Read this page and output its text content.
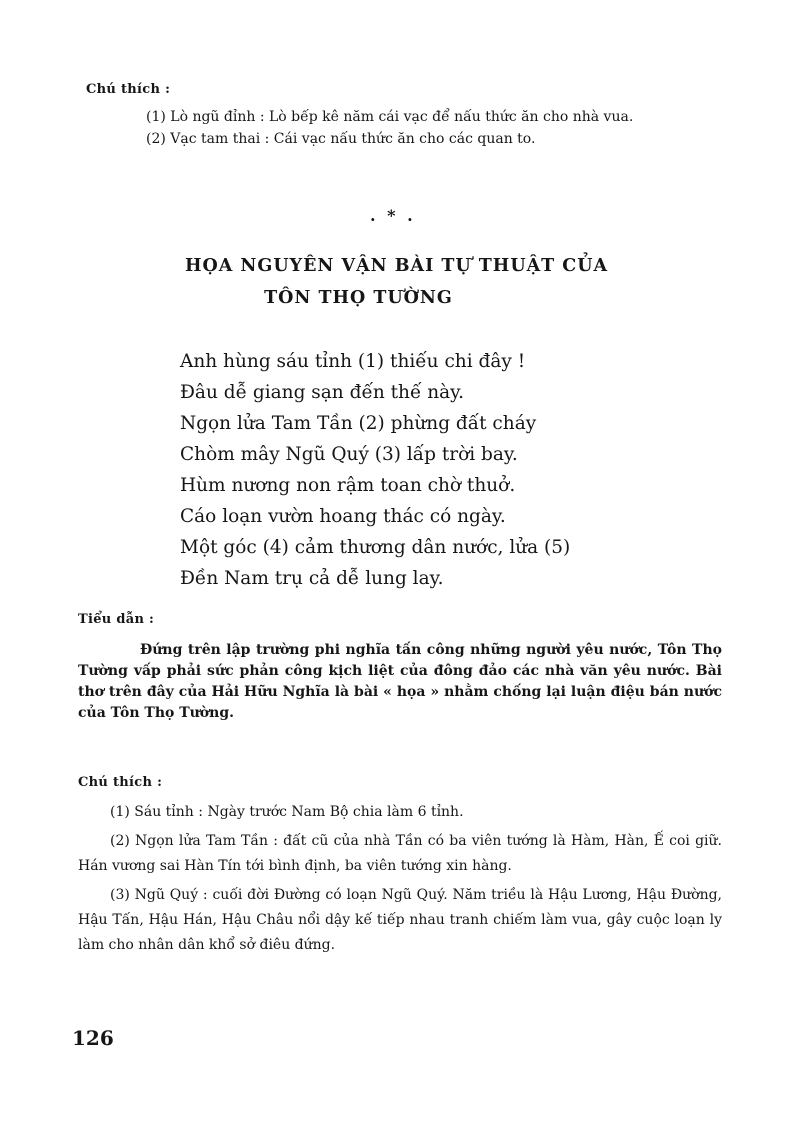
Chú thích :

(1) Lò ngũ đỉnh : Lò bếp kê năm cái vạc để nấu thức ăn cho nhà vua.

(2) Vạc tam thai : Cái vạc nấu thức ăn cho các quan to.

. * .
HỌA NGUYÊN VẬN BÀI TỰ THUẬT CỦA
TÔN THỌ TƯỜNG
Anh hùng sáu tỉnh (1) thiếu chi đây !
Đâu dễ giang sạn đến thế này.
Ngọn lửa Tam Tần (2) phừng đất cháy
Chòm mây Ngũ Quý (3) lấp trời bay.
Hùm nương non rậm toan chờ thuở.
Cáo loạn vườn hoang thác có ngày.
Một góc (4) cảm thương dân nước, lửa (5)
Đền Nam trụ cả dễ lung lay.
Tiểu dẫn :

Đứng trên lập trường phi nghĩa tấn công những người yêu nước, Tôn Thọ Tường vấp phải sức phản công kịch liệt của đông đảo các nhà văn yêu nước. Bài thơ trên đây của Hải Hữu Nghĩa là bài « họa » nhằm chống lại luận điệu bán nước của Tôn Thọ Tường.

Chú thích :

(1) Sáu tỉnh : Ngày trước Nam Bộ chia làm 6 tỉnh.

(2) Ngọn lửa Tam Tần : đất cũ của nhà Tần có ba viên tướng là Hàm, Hàn, Ế coi giữ. Hán vương sai Hàn Tín tới bình định, ba viên tướng xin hàng.

(3) Ngũ Quý : cuối đời Đường có loạn Ngũ Quý. Năm triều là Hậu Lương, Hậu Đường, Hậu Tấn, Hậu Hán, Hậu Châu nổi dậy kế tiếp nhau tranh chiếm làm vua, gây cuộc loạn ly làm cho nhân dân khổ sở điêu đứng.

126
